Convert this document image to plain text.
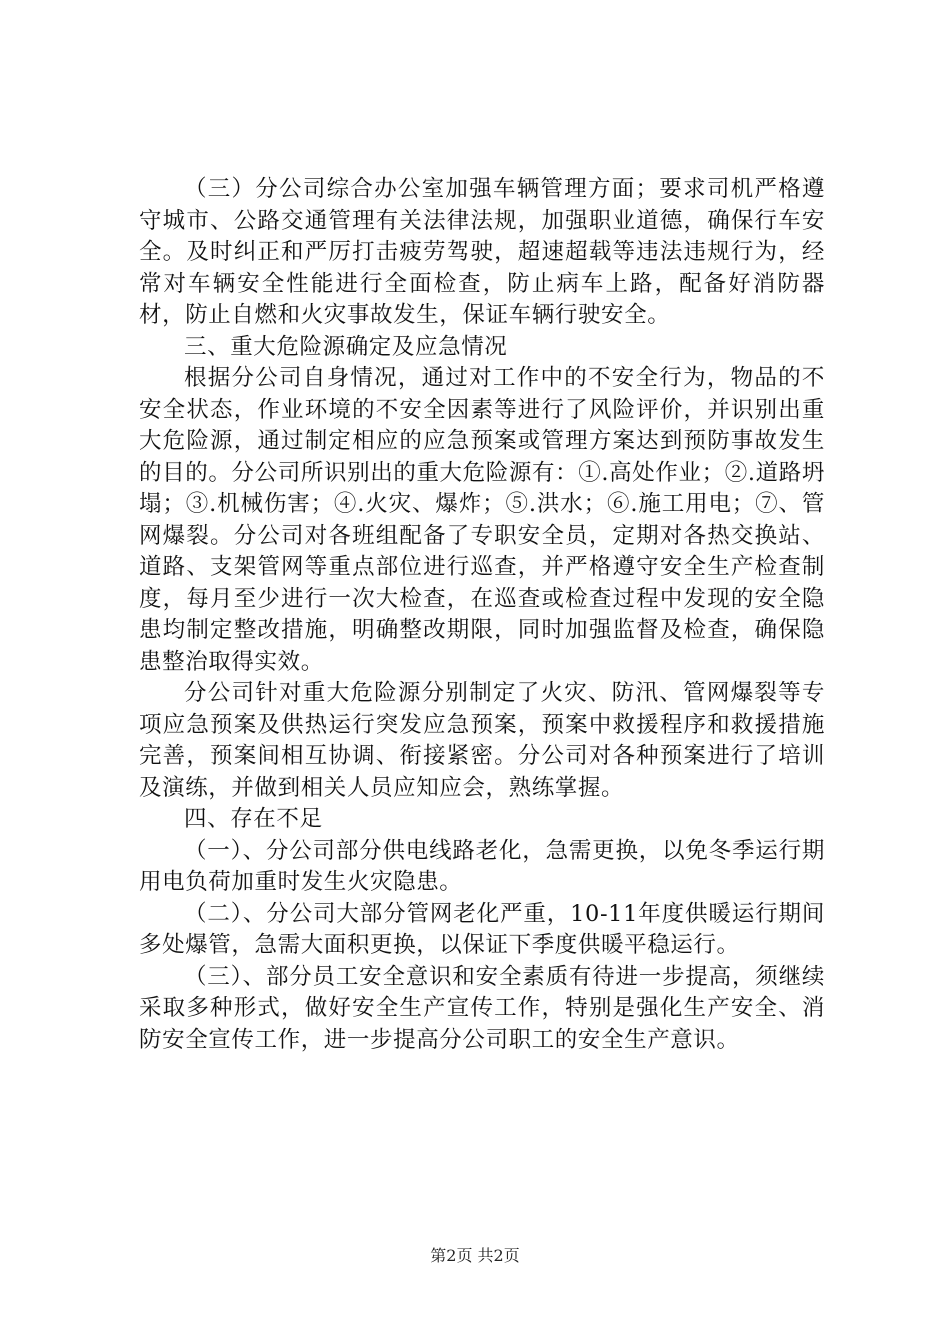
（三）分公司综合办公室加强车辆管理方面；要求司机严格遵守城市、公路交通管理有关法律法规，加强职业道德，确保行车安全。及时纠正和严厉打击疲劳驾驶，超速超载等违法违规行为，经常对车辆安全性能进行全面检查，防止病车上路，配备好消防器材，防止自燃和火灾事故发生，保证车辆行驶安全。

三、重大危险源确定及应急情况

根据分公司自身情况，通过对工作中的不安全行为，物品的不安全状态，作业环境的不安全因素等进行了风险评价，并识别出重大危险源，通过制定相应的应急预案或管理方案达到预防事故发生的目的。分公司所识别出的重大危险源有：①.高处作业；②.道路坍塌；③.机械伤害；④.火灾、爆炸；⑤.洪水；⑥.施工用电；⑦、管网爆裂。分公司对各班组配备了专职安全员，定期对各热交换站、道路、支架管网等重点部位进行巡查，并严格遵守安全生产检查制度，每月至少进行一次大检查，在巡查或检查过程中发现的安全隐患均制定整改措施，明确整改期限，同时加强监督及检查，确保隐患整治取得实效。

分公司针对重大危险源分别制定了火灾、防汛、管网爆裂等专项应急预案及供热运行突发应急预案，预案中救援程序和救援措施完善，预案间相互协调、衔接紧密。分公司对各种预案进行了培训及演练，并做到相关人员应知应会，熟练掌握。

四、存在不足

（一）、分公司部分供电线路老化，急需更换，以免冬季运行期用电负荷加重时发生火灾隐患。

（二）、分公司大部分管网老化严重，10-11年度供暖运行期间多处爆管，急需大面积更换，以保证下季度供暖平稳运行。

（三）、部分员工安全意识和安全素质有待进一步提高，须继续采取多种形式，做好安全生产宣传工作，特别是强化生产安全、消防安全宣传工作，进一步提高分公司职工的安全生产意识。

第2页 共2页
